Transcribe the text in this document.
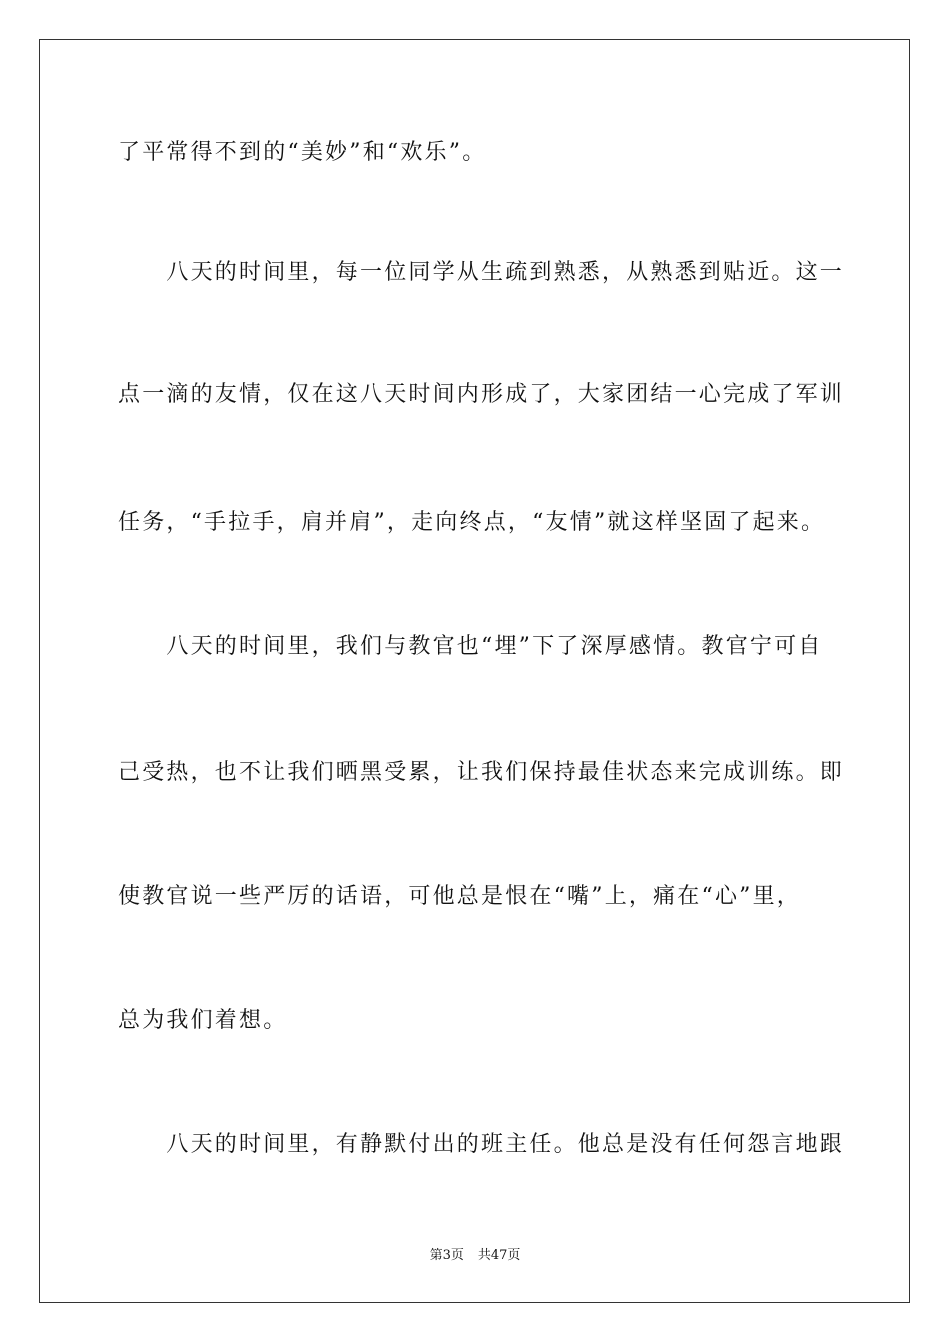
了平常得不到的“美妙”和“欢乐”。
　　八天的时间里，每一位同学从生疏到熟悉，从熟悉到贴近。这一
点一滴的友情，仅在这八天时间内形成了，大家团结一心完成了军训
任务，“手拉手，肩并肩”，走向终点，“友情”就这样坚固了起来。
　　八天的时间里，我们与教官也“埋”下了深厚感情。教官宁可自
己受热，也不让我们晒黑受累，让我们保持最佳状态来完成训练。即
使教官说一些严厉的话语，可他总是恨在“嘴”上，痛在“心”里，
总为我们着想。
　　八天的时间里，有静默付出的班主任。他总是没有任何怨言地跟
第3页 共47页
